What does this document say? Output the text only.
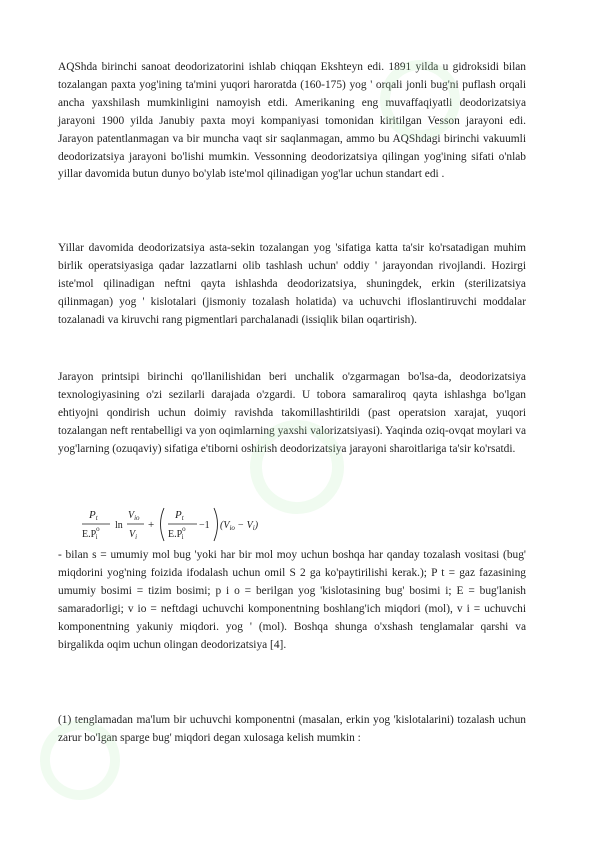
AQShda birinchi sanoat deodorizatorini ishlab chiqqan Ekshteyn edi. 1891 yilda u gidroksidi bilan tozalangan paxta yog'ining ta'mini yuqori haroratda (160-175) yog ' orqali jonli bug'ni puflash orqali ancha yaxshilash mumkinligini namoyish etdi. Amerikaning eng muvaffaqiyatli deodorizatsiya jarayoni 1900 yilda Janubiy paxta moyi kompaniyasi tomonidan kiritilgan Vesson jarayoni edi. Jarayon patentlanmagan va bir muncha vaqt sir saqlanmagan, ammo bu AQShdagi birinchi vakuumli deodorizatsiya jarayoni bo'lishi mumkin. Vessonning deodorizatsiya qilingan yog'ining sifati o'nlab yillar davomida butun dunyo bo'ylab iste'mol qilinadigan yog'lar uchun standart edi .

Yillar davomida deodorizatsiya asta-sekin tozalangan yog 'sifatiga katta ta'sir ko'rsatadigan muhim birlik operatsiyasiga qadar lazzatlarni olib tashlash uchun' oddiy ' jarayondan rivojlandi. Hozirgi iste'mol qilinadigan neftni qayta ishlashda deodorizatsiya, shuningdek, erkin (sterilizatsiya qilinmagan) yog ' kislotalari (jismoniy tozalash holatida) va uchuvchi ifloslantiruvchi moddalar tozalanadi va kiruvchi rang pigmentlari parchalanadi (issiqlik bilan oqartirish).

Jarayon printsipi birinchi qo'llanilishidan beri unchalik o'zgarmagan bo'lsa-da, deodorizatsiya texnologiyasining o'zi sezilarli darajada o'zgardi. U tobora samaraliroq qayta ishlashga bo'lgan ehtiyojni qondirish uchun doimiy ravishda takomillashtirildi (past operatsion xarajat, yuqori tozalangan neft rentabelligi va yon oqimlarning yaxshi valorizatsiyasi). Yaqinda oziq-ovqat moylari va yog'larning (ozuqaviy) sifatiga e'tiborni oshirish deodorizatsiya jarayoni sharoitlariga ta'sir ko'rsatdi.

Pt
$E.P^o$ i
ln
$V_{io}$
$V_i$
+
Pt
$E.P^o$ i
−1 $(V_{io} - V_i)$

- bilan s = umumiy mol bug 'yoki har bir mol moy uchun boshqa har qanday tozalash vositasi (bug' miqdorini yog'ning foizida ifodalash uchun omil S 2 ga ko'paytirilishi kerak.); P t = gaz fazasining umumiy bosimi = tizim bosimi; p i o = berilgan yog 'kislotasining bug' bosimi i; E = bug'lanish samaradorligi; v io = neftdagi uchuvchi komponentning boshlang'ich miqdori (mol), v i = uchuvchi komponentning yakuniy miqdori. yog ' (mol). Boshqa shunga o'xshash tenglamalar qarshi va birgalikda oqim uchun olingan deodorizatsiya [4].

(1) tenglamadan ma'lum bir uchuvchi komponentni (masalan, erkin yog 'kislotalarini) tozalash uchun zarur bo'lgan sparge bug' miqdori degan xulosaga kelish mumkin :
